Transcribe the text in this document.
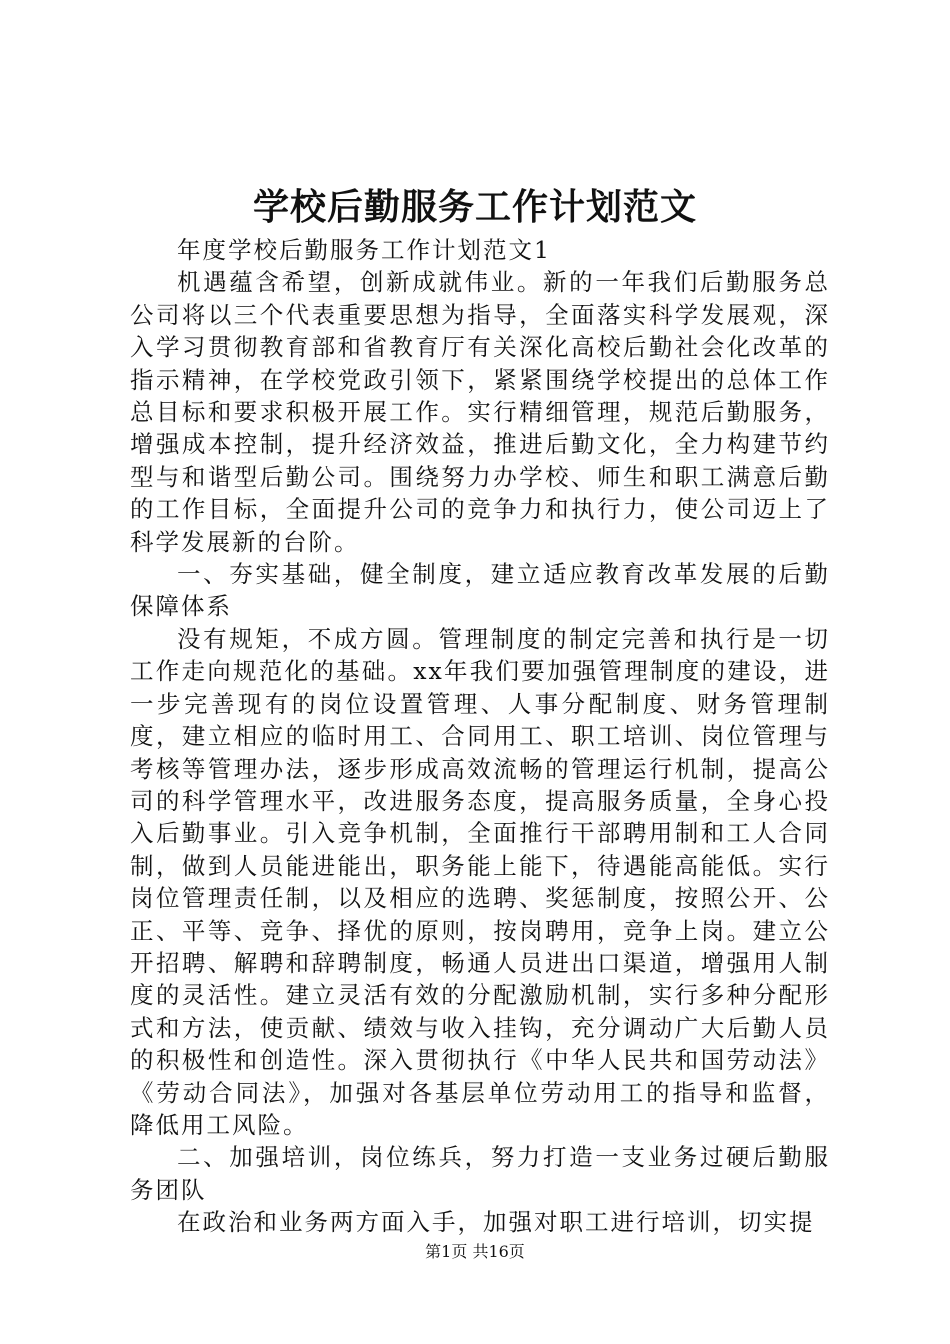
学校后勤服务工作计划范文

年度学校后勤服务工作计划范文1

机遇蕴含希望，创新成就伟业。新的一年我们后勤服务总公司将以三个代表重要思想为指导，全面落实科学发展观，深入学习贯彻教育部和省教育厅有关深化高校后勤社会化改革的指示精神，在学校党政引领下，紧紧围绕学校提出的总体工作总目标和要求积极开展工作。实行精细管理，规范后勤服务，增强成本控制，提升经济效益，推进后勤文化，全力构建节约型与和谐型后勤公司。围绕努力办学校、师生和职工满意后勤的工作目标，全面提升公司的竞争力和执行力，使公司迈上了科学发展新的台阶。

一、夯实基础，健全制度，建立适应教育改革发展的后勤保障体系

没有规矩，不成方圆。管理制度的制定完善和执行是一切工作走向规范化的基础。xx年我们要加强管理制度的建设，进一步完善现有的岗位设置管理、人事分配制度、财务管理制度，建立相应的临时用工、合同用工、职工培训、岗位管理与考核等管理办法，逐步形成高效流畅的管理运行机制，提高公司的科学管理水平，改进服务态度，提高服务质量，全身心投入后勤事业。引入竞争机制，全面推行干部聘用制和工人合同制，做到人员能进能出，职务能上能下，待遇能高能低。实行岗位管理责任制，以及相应的选聘、奖惩制度，按照公开、公正、平等、竞争、择优的原则，按岗聘用，竞争上岗。建立公开招聘、解聘和辞聘制度，畅通人员进出口渠道，增强用人制度的灵活性。建立灵活有效的分配激励机制，实行多种分配形式和方法，使贡献、绩效与收入挂钩，充分调动广大后勤人员的积极性和创造性。深入贯彻执行《中华人民共和国劳动法》《劳动合同法》，加强对各基层单位劳动用工的指导和监督，降低用工风险。

二、加强培训，岗位练兵，努力打造一支业务过硬后勤服务团队

在政治和业务两方面入手，加强对职工进行培训，切实提

第1页 共16页
